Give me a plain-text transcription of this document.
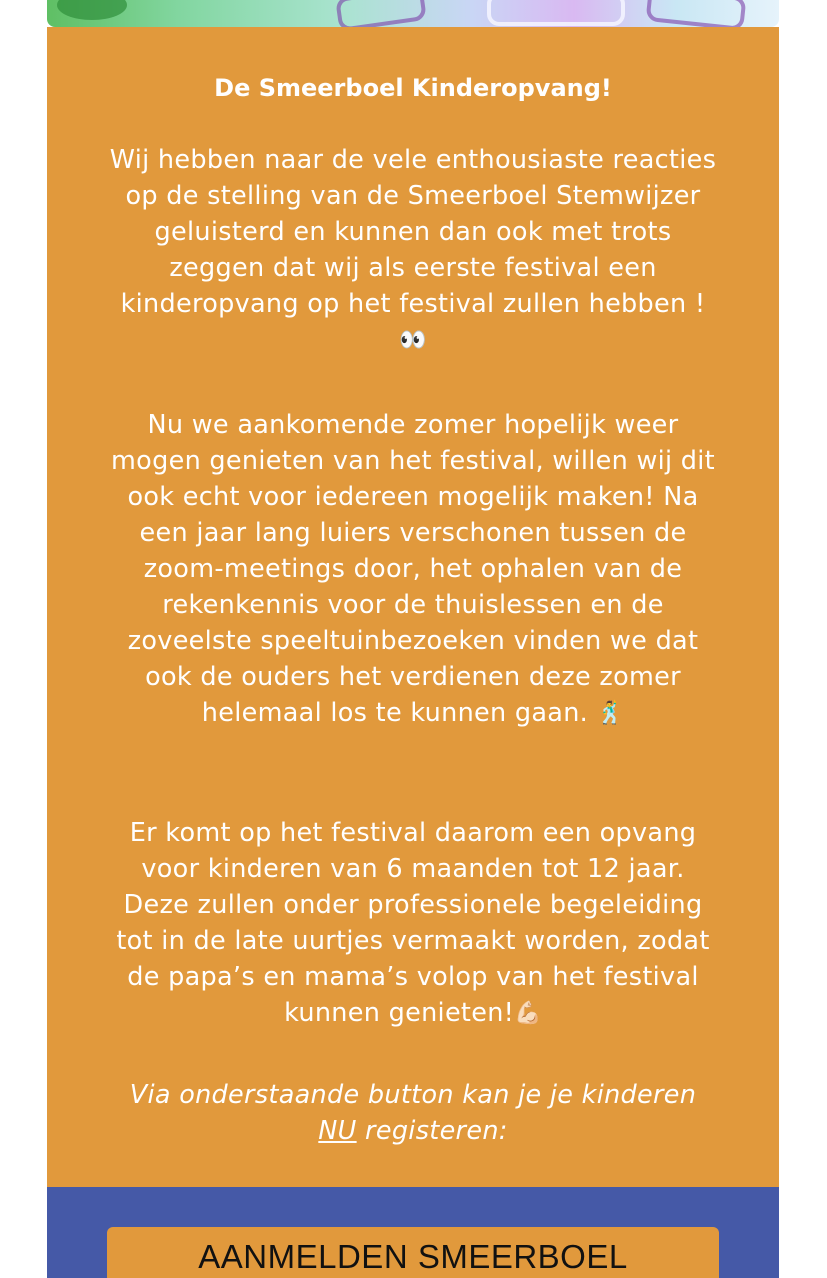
De Smeerboel Kinderopvang!

Wij hebben naar de vele enthousiaste reacties op de stelling van de Smeerboel Stemwijzer geluisterd en kunnen dan ook met trots zeggen dat wij als eerste festival een kinderopvang op het festival zullen hebben ! 👀

Nu we aankomende zomer hopelijk weer mogen genieten van het festival, willen wij dit ook echt voor iedereen mogelijk maken! Na een jaar lang luiers verschonen tussen de zoom-meetings door, het ophalen van de rekenkennis voor de thuislessen en de zoveelste speeltuinbezoeken vinden we dat ook de ouders het verdienen deze zomer helemaal los te kunnen gaan. 🕺

Er komt op het festival daarom een opvang voor kinderen van 6 maanden tot 12 jaar. Deze zullen onder professionele begeleiding tot in de late uurtjes vermaakt worden, zodat de papa’s en mama’s volop van het festival kunnen genieten!💪🏻

Via onderstaande button kan je je kinderen NU registeren:

AANMELDEN SMEERBOEL
